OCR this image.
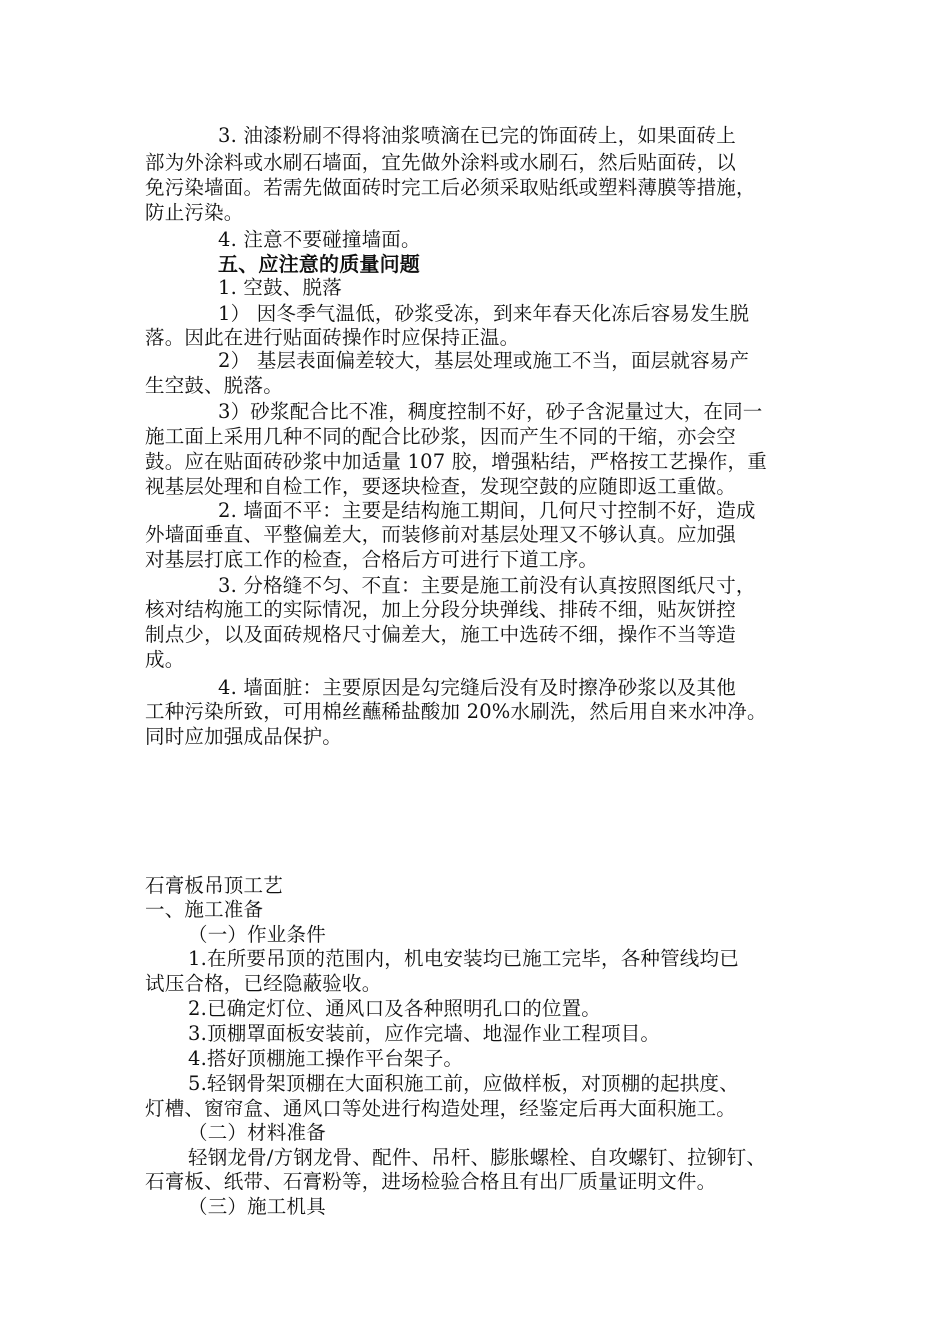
3. 油漆粉刷不得将油浆喷滴在已完的饰面砖上，如果面砖上
部为外涂料或水刷石墙面，宜先做外涂料或水刷石，然后贴面砖，以
免污染墙面。若需先做面砖时完工后必须采取贴纸或塑料薄膜等措施，
防止污染。
4. 注意不要碰撞墙面。
五、应注意的质量问题
1. 空鼓、脱落
1） 因冬季气温低，砂浆受冻，到来年春天化冻后容易发生脱
落。因此在进行贴面砖操作时应保持正温。
2） 基层表面偏差较大，基层处理或施工不当，面层就容易产
生空鼓、脱落。
3）砂浆配合比不准，稠度控制不好，砂子含泥量过大，在同一
施工面上采用几种不同的配合比砂浆，因而产生不同的干缩，亦会空
鼓。应在贴面砖砂浆中加适量 107 胶，增强粘结，严格按工艺操作，重
视基层处理和自检工作，要逐块检查，发现空鼓的应随即返工重做。
2. 墙面不平：主要是结构施工期间，几何尺寸控制不好，造成
外墙面垂直、平整偏差大，而装修前对基层处理又不够认真。应加强
对基层打底工作的检查，合格后方可进行下道工序。
3. 分格缝不匀、不直：主要是施工前没有认真按照图纸尺寸，
核对结构施工的实际情况，加上分段分块弹线、排砖不细，贴灰饼控
制点少，以及面砖规格尺寸偏差大，施工中选砖不细，操作不当等造
成。
4. 墙面脏：主要原因是勾完缝后没有及时擦净砂浆以及其他
工种污染所致，可用棉丝蘸稀盐酸加 20%水刷洗，然后用自来水冲净。
同时应加强成品保护。
石膏板吊顶工艺
一、施工准备
（一）作业条件
1.在所要吊顶的范围内，机电安装均已施工完毕，各种管线均已
试压合格，已经隐蔽验收。
2.已确定灯位、通风口及各种照明孔口的位置。
3.顶棚罩面板安装前，应作完墙、地湿作业工程项目。
4.搭好顶棚施工操作平台架子。
5.轻钢骨架顶棚在大面积施工前，应做样板，对顶棚的起拱度、
灯槽、窗帘盒、通风口等处进行构造处理，经鉴定后再大面积施工。
（二）材料准备
轻钢龙骨/方钢龙骨、配件、吊杆、膨胀螺栓、自攻螺钉、拉铆钉、
石膏板、纸带、石膏粉等，进场检验合格且有出厂质量证明文件。
（三）施工机具
